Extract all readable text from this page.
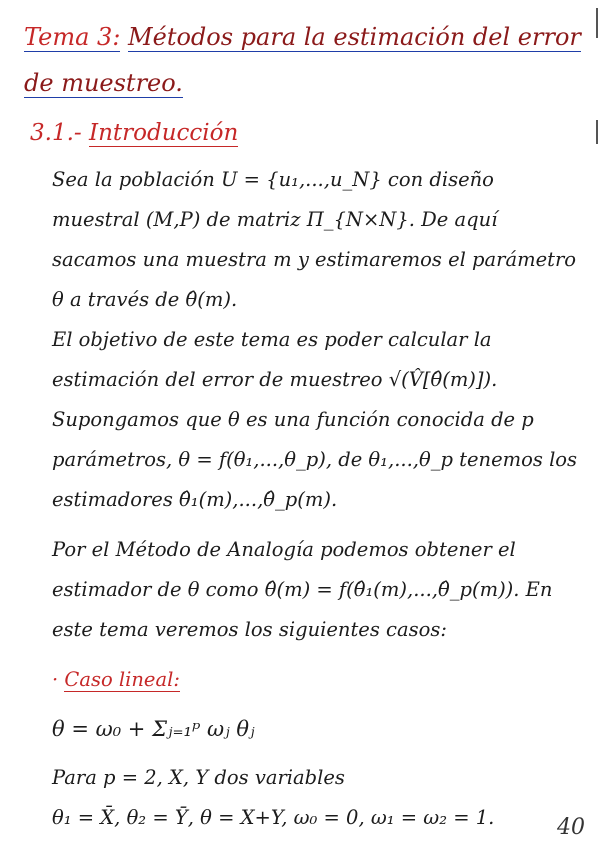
Tema 3: Métodos para la estimación del error de muestreo.
3.1.- Introducción

Sea la población U = {u₁,...,u_N} con diseño muestral (M,P) de matriz Π_{N×N}. De aquí sacamos una muestra m y estimaremos el parámetro θ a través de θ̂(m).

El objetivo de este tema es poder calcular la estimación del error de muestreo √(V̂[θ̂(m)]).

Supongamos que θ es una función conocida de p parámetros, θ = f(θ₁,...,θ_p), de θ₁,...,θ_p tenemos los estimadores θ̂₁(m),...,θ̂_p(m).

Por el Método de Analogía podemos obtener el estimador de θ como θ̂(m) = f(θ̂₁(m),...,θ̂_p(m)). En este tema veremos los siguientes casos:

· Caso lineal:

θ = ω₀ + Σⱼ₌₁ᵖ ωⱼ θⱼ

Para p = 2, X, Y dos variables

θ₁ = X̄, θ₂ = Ȳ, θ = X+Y, ω₀ = 0, ω₁ = ω₂ = 1.	40
